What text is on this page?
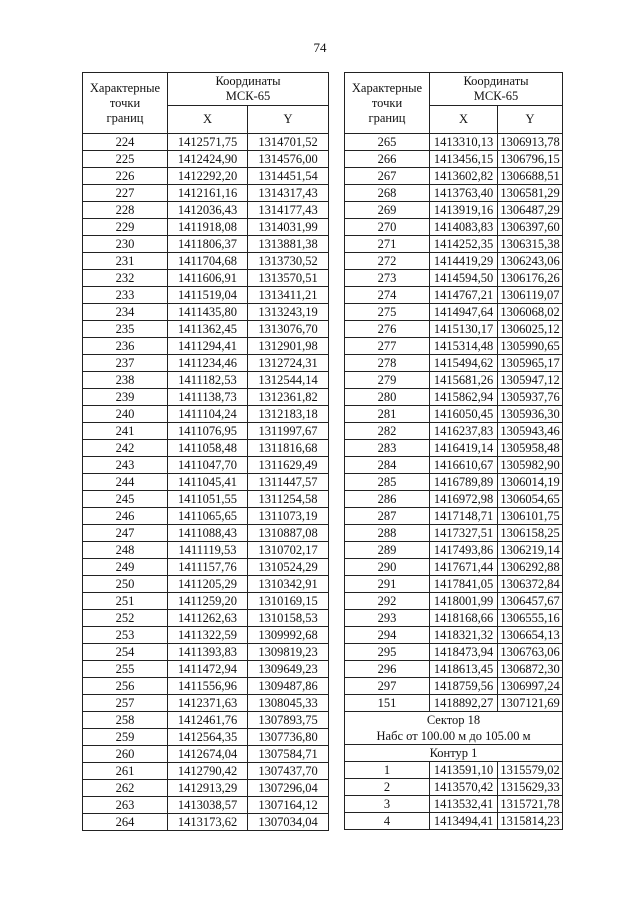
74
Характерные
точки
границ	Координаты
МСК-65	
	X	Y
224	1412571,75	1314701,52
225	1412424,90	1314576,00
226	1412292,20	1314451,54
227	1412161,16	1314317,43
228	1412036,43	1314177,43
229	1411918,08	1314031,99
230	1411806,37	1313881,38
231	1411704,68	1313730,52
232	1411606,91	1313570,51
233	1411519,04	1313411,21
234	1411435,80	1313243,19
235	1411362,45	1313076,70
236	1411294,41	1312901,98
237	1411234,46	1312724,31
238	1411182,53	1312544,14
239	1411138,73	1312361,82
240	1411104,24	1312183,18
241	1411076,95	1311997,67
242	1411058,48	1311816,68
243	1411047,70	1311629,49
244	1411045,41	1311447,57
245	1411051,55	1311254,58
246	1411065,65	1311073,19
247	1411088,43	1310887,08
248	1411119,53	1310702,17
249	1411157,76	1310524,29
250	1411205,29	1310342,91
251	1411259,20	1310169,15
252	1411262,63	1310158,53
253	1411322,59	1309992,68
254	1411393,83	1309819,23
255	1411472,94	1309649,23
256	1411556,96	1309487,86
257	1412371,63	1308045,33
258	1412461,76	1307893,75
259	1412564,35	1307736,80
260	1412674,04	1307584,71
261	1412790,42	1307437,70
262	1412913,29	1307296,04
263	1413038,57	1307164,12
264	1413173,62	1307034,04
Характерные
точки
границ	Координаты
МСК-65	
	X	Y
265	1413310,13	1306913,78
266	1413456,15	1306796,15
267	1413602,82	1306688,51
268	1413763,40	1306581,29
269	1413919,16	1306487,29
270	1414083,83	1306397,60
271	1414252,35	1306315,38
272	1414419,29	1306243,06
273	1414594,50	1306176,26
274	1414767,21	1306119,07
275	1414947,64	1306068,02
276	1415130,17	1306025,12
277	1415314,48	1305990,65
278	1415494,62	1305965,17
279	1415681,26	1305947,12
280	1415862,94	1305937,76
281	1416050,45	1305936,30
282	1416237,83	1305943,46
283	1416419,14	1305958,48
284	1416610,67	1305982,90
285	1416789,89	1306014,19
286	1416972,98	1306054,65
287	1417148,71	1306101,75
288	1417327,51	1306158,25
289	1417493,86	1306219,14
290	1417671,44	1306292,88
291	1417841,05	1306372,84
292	1418001,99	1306457,67
293	1418168,66	1306555,16
294	1418321,32	1306654,13
295	1418473,94	1306763,06
296	1418613,45	1306872,30
297	1418759,56	1306997,24
151	1418892,27	1307121,69
Сектор 18		
Набс от 100.00 м до 105.00 м		
Контур 1		
1	1413591,10	1315579,02
2	1413570,42	1315629,33
3	1413532,41	1315721,78
4	1413494,41	1315814,23
